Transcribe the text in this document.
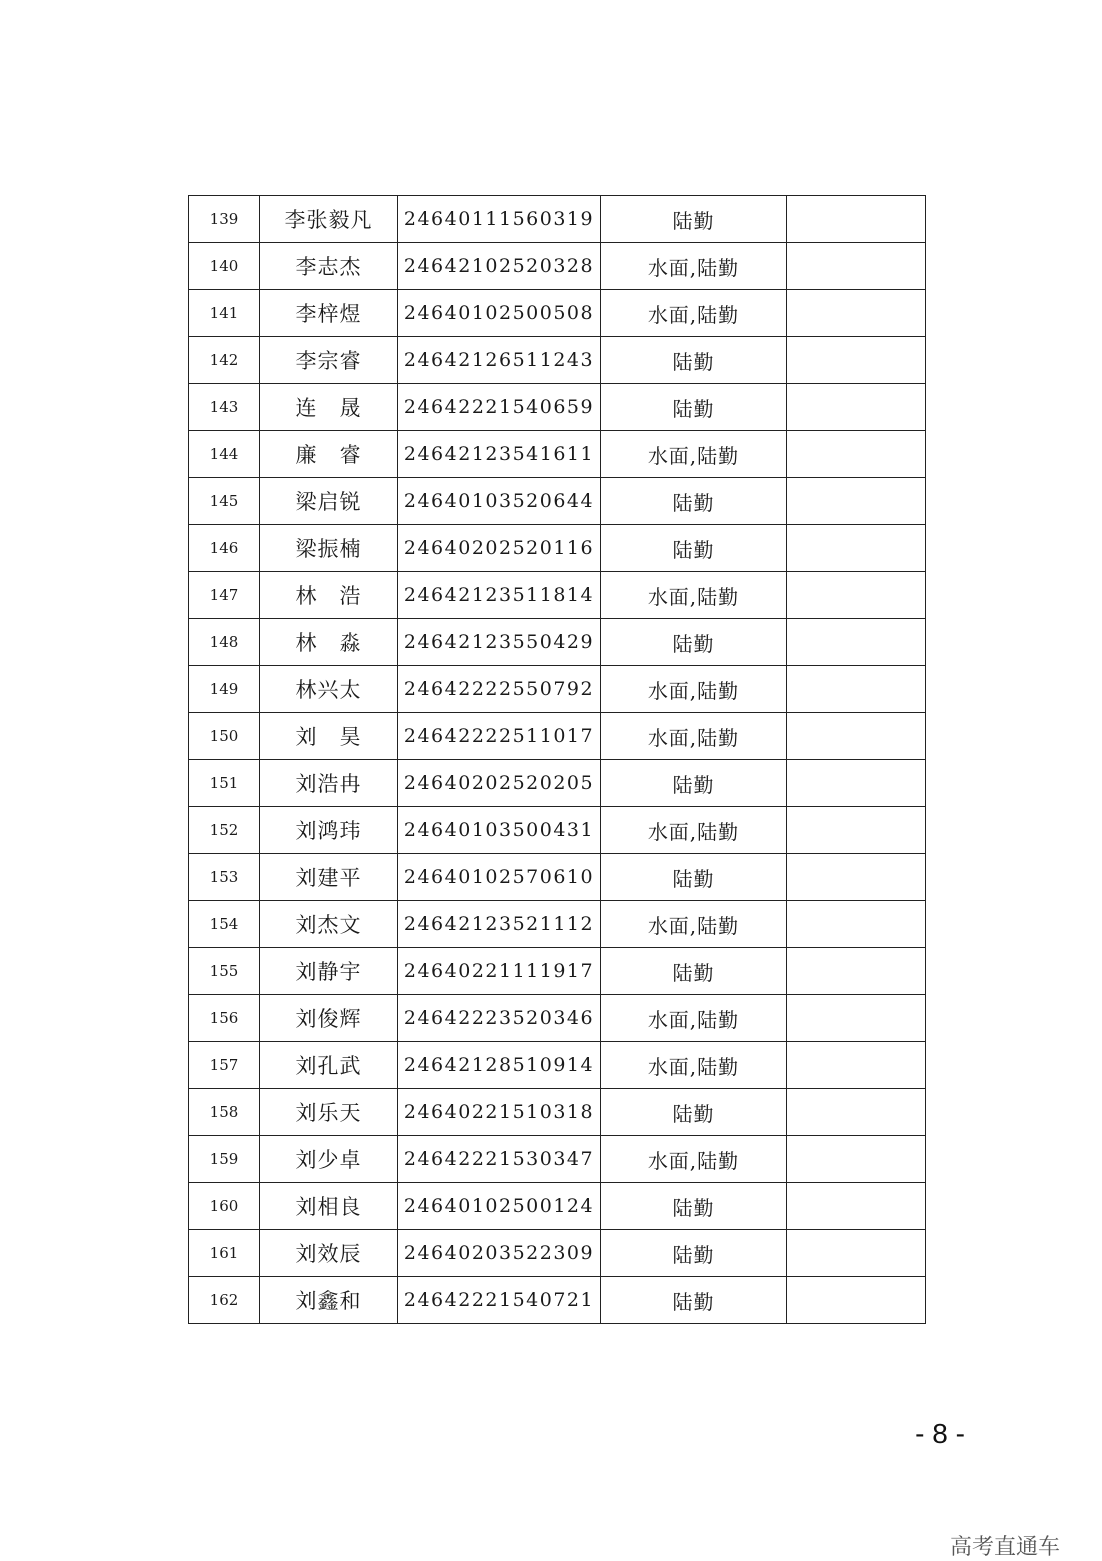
139	李张毅凡	24640111560319	陆勤	
140	李志杰	24642102520328	水面,陆勤	
141	李梓煜	24640102500508	水面,陆勤	
142	李宗睿	24642126511243	陆勤	
143	连　晟	24642221540659	陆勤	
144	廉　睿	24642123541611	水面,陆勤	
145	梁启锐	24640103520644	陆勤	
146	梁振楠	24640202520116	陆勤	
147	林　浩	24642123511814	水面,陆勤	
148	林　淼	24642123550429	陆勤	
149	林兴太	24642222550792	水面,陆勤	
150	刘　昊	24642222511017	水面,陆勤	
151	刘浩冉	24640202520205	陆勤	
152	刘鸿玮	24640103500431	水面,陆勤	
153	刘建平	24640102570610	陆勤	
154	刘杰文	24642123521112	水面,陆勤	
155	刘静宇	24640221111917	陆勤	
156	刘俊辉	24642223520346	水面,陆勤	
157	刘孔武	24642128510914	水面,陆勤	
158	刘乐天	24640221510318	陆勤	
159	刘少卓	24642221530347	水面,陆勤	
160	刘相良	24640102500124	陆勤	
161	刘效辰	24640203522309	陆勤	
162	刘鑫和	24642221540721	陆勤	
- 8 -
高考直通车
